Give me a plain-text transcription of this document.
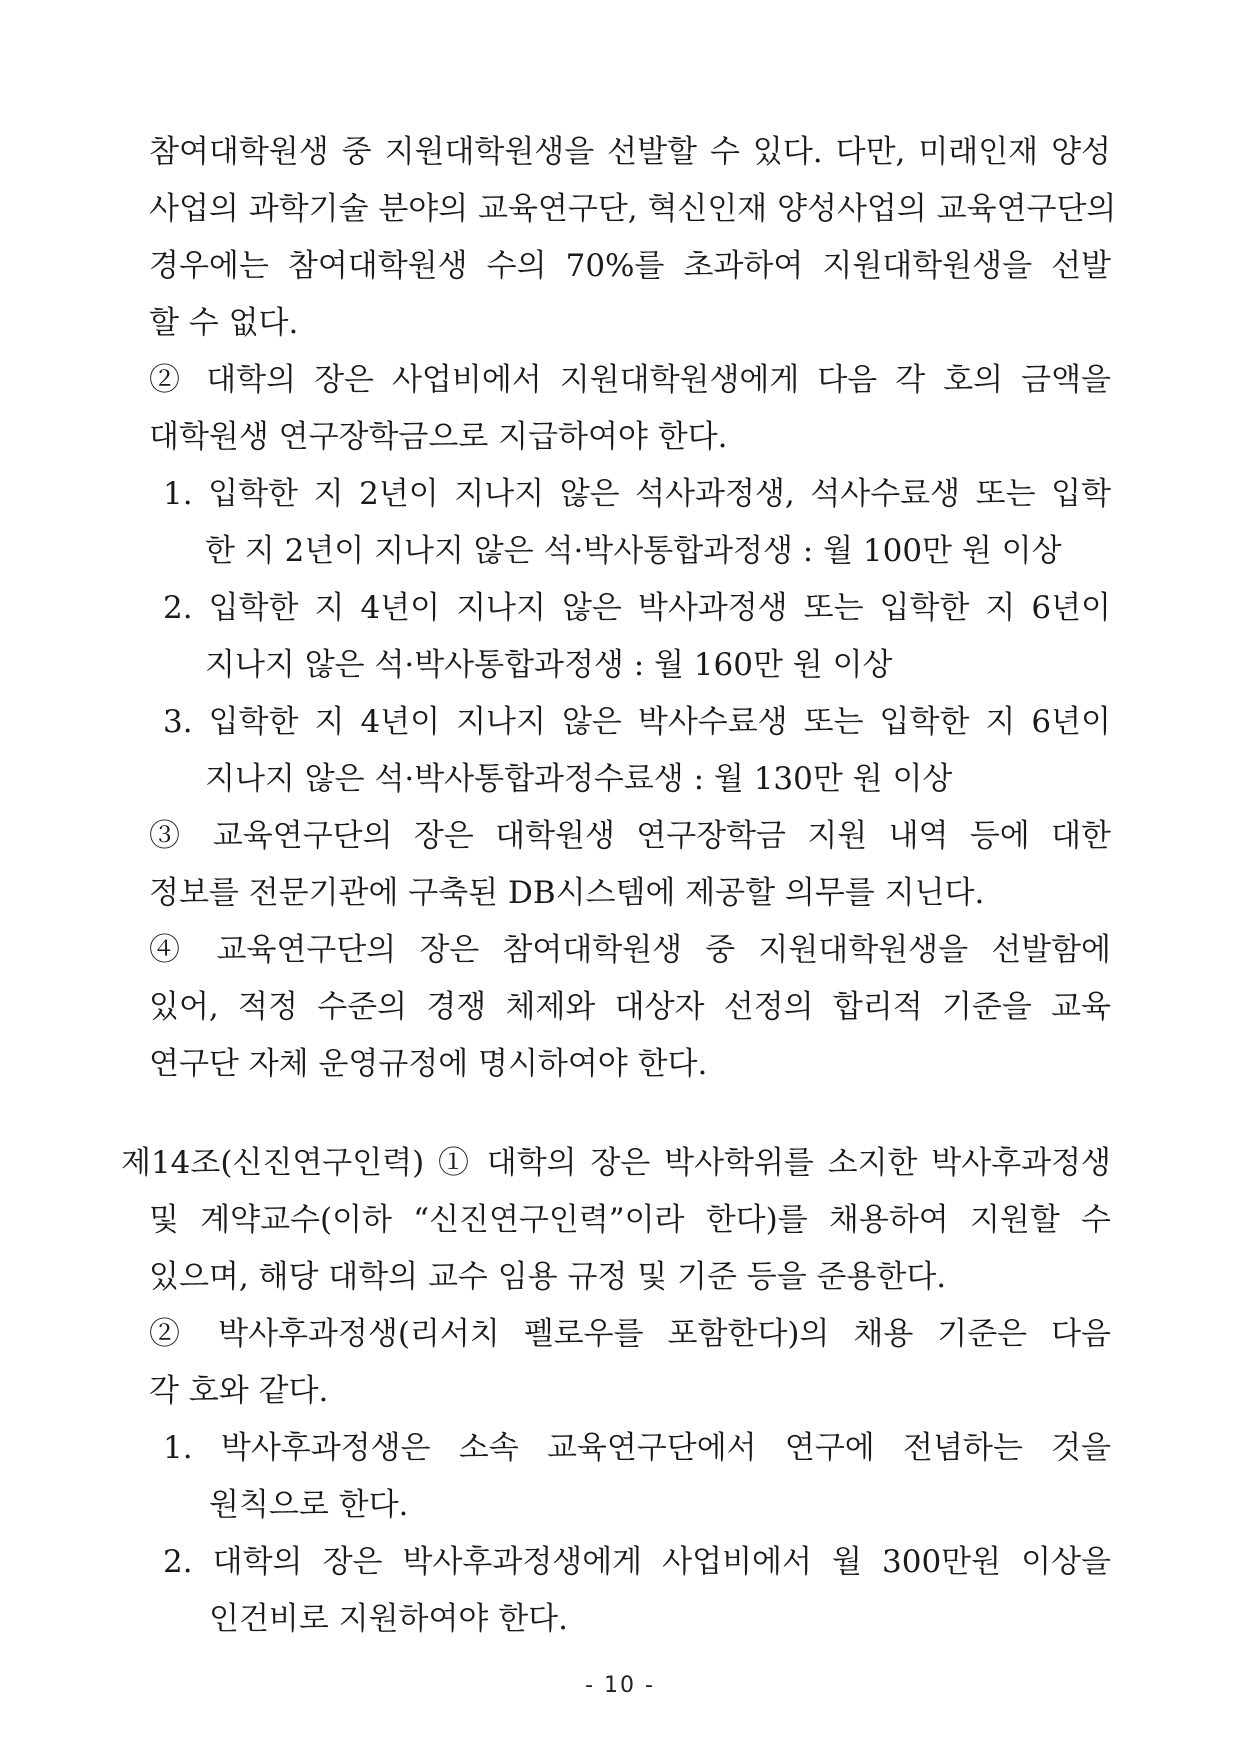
참여대학원생 중 지원대학원생을 선발할 수 있다. 다만, 미래인재 양성
사업의 과학기술 분야의 교육연구단, 혁신인재 양성사업의 교육연구단의
경우에는 참여대학원생 수의 70%를 초과하여 지원대학원생을 선발
할 수 없다.
② 대학의 장은 사업비에서 지원대학원생에게 다음 각 호의 금액을
대학원생 연구장학금으로 지급하여야 한다.
1. 입학한 지 2년이 지나지 않은 석사과정생, 석사수료생 또는 입학
한 지 2년이 지나지 않은 석·박사통합과정생 : 월 100만 원 이상
2. 입학한 지 4년이 지나지 않은 박사과정생 또는 입학한 지 6년이
지나지 않은 석·박사통합과정생 : 월 160만 원 이상
3. 입학한 지 4년이 지나지 않은 박사수료생 또는 입학한 지 6년이
지나지 않은 석·박사통합과정수료생 : 월 130만 원 이상
③ 교육연구단의 장은 대학원생 연구장학금 지원 내역 등에 대한
정보를 전문기관에 구축된 DB시스템에 제공할 의무를 지닌다.
④ 교육연구단의 장은 참여대학원생 중 지원대학원생을 선발함에
있어, 적정 수준의 경쟁 체제와 대상자 선정의 합리적 기준을 교육
연구단 자체 운영규정에 명시하여야 한다.
제14조(신진연구인력) ① 대학의 장은 박사학위를 소지한 박사후과정생
및 계약교수(이하 “신진연구인력”이라 한다)를 채용하여 지원할 수
있으며, 해당 대학의 교수 임용 규정 및 기준 등을 준용한다.
② 박사후과정생(리서치 펠로우를 포함한다)의 채용 기준은 다음
각 호와 같다.
1. 박사후과정생은 소속 교육연구단에서 연구에 전념하는 것을
원칙으로 한다.
2. 대학의 장은 박사후과정생에게 사업비에서 월 300만원 이상을
인건비로 지원하여야 한다.
- 10 -
